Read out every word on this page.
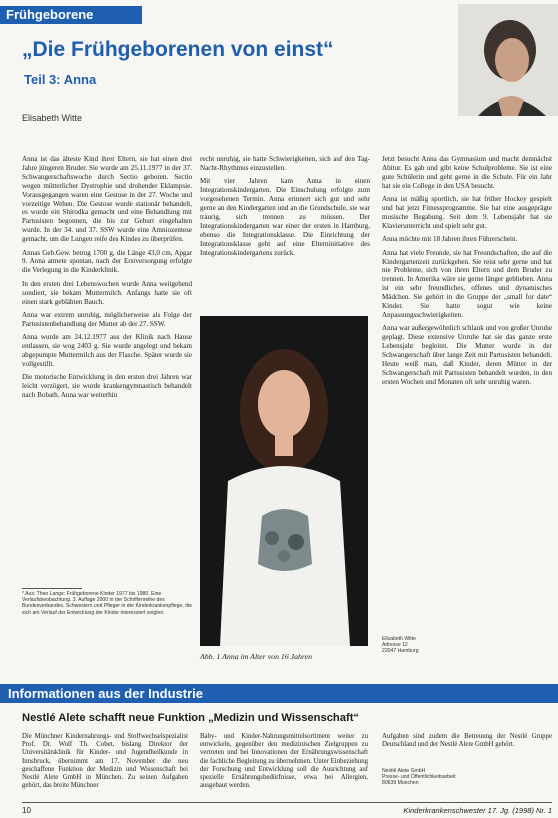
Frühgeborene
„Die Frühgeborenen von einst“
Teil 3: Anna
Elisabeth Witte

Anna ist das älteste Kind ihrer Eltern, sie hat einen drei Jahre jüngeren Bruder. Sie wurde am 25.11.1977 in der 37. Schwangerschaftswoche durch Sectio geboren. Sectio wegen mütterlicher Dystrophie und drohender Eklampsie. Vorausgegangen waren eine Gestose in der 27. Woche und vorzeitige Wehen. Die Gestose wurde stationär behandelt, es wurde ein Shirodka gemacht und eine Behandlung mit Partusisten begonnen, die bis zur Geburt eingehalten wurde. In der 34. und 37. SSW wurde eine Amniozentese gemacht, um die Lungen reife des Kindes zu überprüfen.

Annas Geb.Gew. betrug 1700 g, die Länge 43,0 cm, Apgar 9. Anna atmete spontan, nach der Erstversorgung erfolgte die Verlegung in die Kinderklinik.

In den ersten drei Lebenswochen wurde Anna weitgehend sondiert, sie bekam Muttermilch. Anfangs hatte sie oft einen stark geblähten Bauch.

Anna war extrem unruhig, möglicherweise als Folge der Partusistenbehandlung der Mutter ab der 27. SSW.

Anna wurde am 24.12.1977 aus der Klinik nach Hause entlassen, sie wog 2403 g. Sie wurde angelegt und bekam abgepumpte Muttermilch aus der Flasche. Später wurde sie vollgestillt.

Die motorische Entwicklung in den ersten drei Jahren war leicht verzögert, sie wurde krankengymnastisch behandelt nach Bobath. Anna war weiterhin

* Aus: Theo Lange: Frühgeborene Kinder 1977 bis 1980. Eine Verlaufsbeobachtung. 3. Auflage 2000 in der Schriftenreihe des Bundesverbandes. Schwestern und Pfleger in der Kinderkrankenpflege, die sich am Verlauf der Entwicklung der Kinder interessiert zeigten.

recht unruhig, sie hatte Schwierigkeiten, sich auf den Tag-Nacht-Rhythmus einzustellen.

Mit vier Jahren kam Anna in einen Integrationskindergarten. Die Einschulung erfolgte zum vorgesehenen Termin. Anna erinnert sich gut und sehr gerne an den Kindergarten und an die Grundschule, sie war traurig, sich trennen zu müssen. Der Integrationskindergarten war einer der ersten in Hamburg, ebenso die Integrationsklasse. Die Einrichtung der Integrationsklasse geht auf eine Elterninitiative des Integrationskindergartens zurück.

Abb. 1 Anna im Alter von 16 Jahren

Jetzt besucht Anna das Gymnasium und macht demnächst Abitur. Es gab und gibt keine Schulprobleme. Sie ist eine gute Schülerin und geht gerne in die Schule. Für ein Jahr hat sie ein College in den USA besucht.

Anna ist mäßig sportlich, sie hat früher Hockey gespielt und hat jetzt Fitnessprogramme. Sie hat eine ausgeprägte musische Begabung. Seit dem 9. Lebensjahr hat sie Klavierunterricht und spielt sehr gut.

Anna möchte mit 18 Jahren ihren Führerschein.

Anna hat viele Freunde, sie hat Freundschaften, die auf die Kindergartenzeit zurückgehen. Sie reist sehr gerne und hat nie Probleme, sich von ihren Eltern und dem Bruder zu trennen. In Amerika wäre sie gerne länger geblieben. Anna ist ein sehr freundliches, offenes und dynamisches Mädchen. Sie gehört in die Gruppe der „small for date“ Kinder. Sie hatte sogut wie keine Anpassungsschwierigkeiten.

Anna war außergewöhnlich schlank und von großer Unruhe geplagt. Diese extensive Unruhe hat sie das ganze erste Lebensjahr begleitet. Die Mutter wurde in der Schwangerschaft über lange Zeit mit Partusisten behandelt. Heute weiß man, daß Kinder, deren Mütter in der Schwangerschaft mit Partusisten behandelt wurden, in den ersten Wochen und Monaten oft sehr unruhig waren.

Elisabeth Witte
Adresse 12
22047 Hamburg
Informationen aus der Industrie
Nestlé Alete schafft neue Funktion „Medizin und Wissenschaft“
Die Münchner Kindernahrungs- und Stoffwechselspezialist Prof. Dr. Wolf Th. Cobet, bislang Direktor der Universitätsklinik für Kinder- und Jugendheilkunde in Innsbruck, übernimmt am 17. November die neu geschaffene Funktion der Medizin und Wissenschaft bei Nestlé Alete GmbH in München. Zu seinen Aufgaben gehört, das breite Münchner
Baby- und Kinder-Nahrungsmittelsortiment weiter zu entwickeln, gegenüber den medizinischen Zielgruppen zu vertreten und bei Innovationen der Ernährungswissenschaft die fachliche Begleitung zu übernehmen. Unter Einbeziehung der Forschung und Entwicklung soll die Ausrichtung auf spezielle Ernährungsbedürfnisse, etwa bei Allergien, ausgebaut werden.
Aufgaben sind zudem die Betreuung der Nestlé Gruppe Deutschland und der Nestlé Alete GmbH gehört.
Nestlé Alete GmbH
Presse- und Öffentlichkeitsarbeit
80639 München
10	Kinderkrankenschwester 17. Jg. (1998) Nr. 1
